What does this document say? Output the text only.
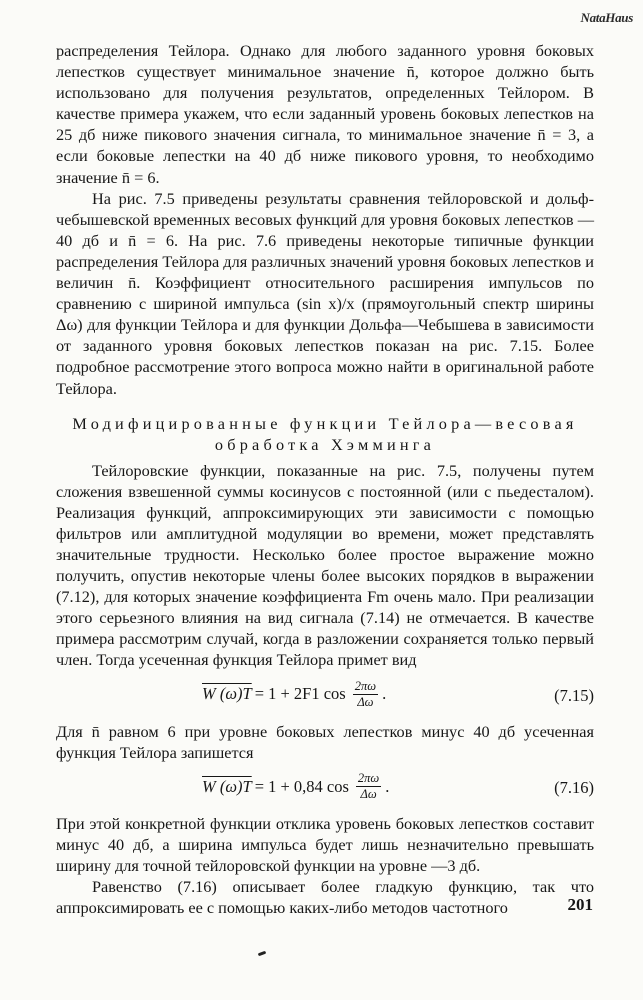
NataHaus

распределения Тейлора. Однако для любого заданного уровня боковых лепестков существует минимальное значение n̄, которое должно быть использовано для получения результатов, определенных Тейлором. В качестве примера укажем, что если заданный уровень боковых лепестков на 25 дб ниже пикового значения сигнала, то минимальное значение n̄ = 3, а если боковые лепестки на 40 дб ниже пикового уровня, то необходимо значение n̄ = 6.

На рис. 7.5 приведены результаты сравнения тейлоровской и дольф-чебышевской временных весовых функций для уровня боковых лепестков —40 дб и n̄ = 6. На рис. 7.6 приведены некоторые типичные функции распределения Тейлора для различных значений уровня боковых лепестков и величин n̄. Коэффициент относительного расширения импульсов по сравнению с шириной импульса (sin x)/x (прямоугольный спектр ширины Δω) для функции Тейлора и для функции Дольфа—Чебышева в зависимости от заданного уровня боковых лепестков показан на рис. 7.15. Более подробное рассмотрение этого вопроса можно найти в оригинальной работе Тейлора.

Модифицированные функции Тейлора—весовая обработка Хэмминга

Тейлоровские функции, показанные на рис. 7.5, получены путем сложения взвешенной суммы косинусов с постоянной (или с пьедесталом). Реализация функций, аппроксимирующих эти зависимости с помощью фильтров или амплитудной модуляции во времени, может представлять значительные трудности. Несколько более простое выражение можно получить, опустив некоторые члены более высоких порядков в выражении (7.12), для которых значение коэффициента Fm очень мало. При реализации этого серьезного влияния на вид сигнала (7.14) не отмечается. В качестве примера рассмотрим случай, когда в разложении сохраняется только первый член. Тогда усеченная функция Тейлора примет вид

W (ω)T = 1 + 2F1 $\cos \frac{2\pi\omega}{\Delta\omega}$ .	(7.15)

Для n̄ равном 6 при уровне боковых лепестков минус 40 дб усеченная функция Тейлора запишется

W (ω)T = 1 + 0,84 $\cos \frac{2\pi\omega}{\Delta\omega}$ .	(7.16)

При этой конкретной функции отклика уровень боковых лепестков составит минус 40 дб, а ширина импульса будет лишь незначительно превышать ширину для точной тейлоровской функции на уровне —3 дб.

Равенство (7.16) описывает более гладкую функцию, так что аппроксимировать ее с помощью каких-либо методов частотного	201
